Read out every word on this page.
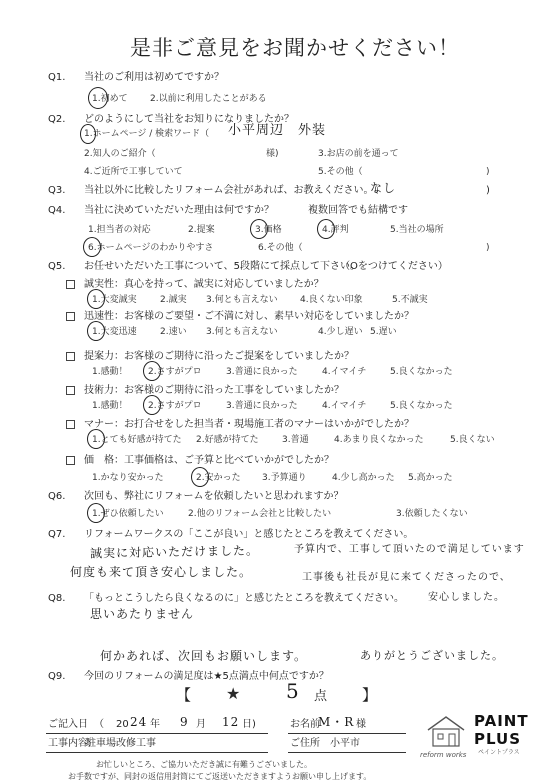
是非ご意見をお聞かせください！
Q1. 当社のご利用は初めてですか？
1.初めて 2.以前に利用したことがある
Q2. どのようにして当社をお知りになりましたか？
1.ホームページ / 検索ワード（ 小平周辺　外装
2.知人のご紹介（	様)	3.お店の前を通って
4.ご近所で工事していて	5.その他（	)
Q3. 当社以外に比較したリフォーム会社があれば、お教えください。（
なし	)
Q4. 当社に決めていただいた理由は何ですか？	複数回答でも結構です
1.担当者の対応	2.提案	3.価格	4.評判	5.当社の場所
6.ホームページのわかりやすさ	6.その他（	)
Q5. お任せいただいた工事について、5段階にて採点して下さい。
（Oをつけてください）
誠実性：真心を持って、誠実に対応していましたか？
1.大変誠実	2.誠実 3.何とも言えない 4.良くない印象	5.不誠実
迅速性：お客様のご要望・ご不満に対し、素早い対応をしていましたか？
1.大変迅速	2.速い 3.何とも言えない	4.少し遅い 5.遅い
提案力：お客様のご期待に沿ったご提案をしていましたか？
1.感動！ 2.さすがプロ	3.普通に良かった	4.イマイチ	5.良くなかった
技術力：お客様のご期待に沿った工事をしていましたか？
1.感動！ 2.さすがプロ	3.普通に良かった	4.イマイチ	5.良くなかった
マナー：お打合せをした担当者・現場施工者のマナーはいかがでしたか？
1.とても好感が持てた 2.好感が持てた	3.普通	4.あまり良くなかった	5.良くない
価　格：工事価格は、ご予算と比べていかがでしたか？
1.かなり安かった	2.安かった 3.予算通り	4.少し高かった 5.高かった
Q6. 次回も、弊社にリフォームを依頼したいと思われますか？
1.ぜひ依頼したい	2.他のリフォーム会社と比較したい	3.依頼したくない
Q7. リフォームワークスの「ここが良い」と感じたところを教えてください。
誠実に対応いただけました。	予算内で、工事して頂いたので満足しています
何度も来て頂き安心しました。	工事後も社長が見に来てくださったので、
安心しました。
Q8. 「もっとこうしたら良くなるのに」と感じたところを教えてください。
思いあたりません
何かあれば、次回もお願いします。	ありがとうございました。
Q9. 今回のリフォームの満足度は★5点満点中何点ですか？
【 ★ 5 点 】
ご記入日 （ 20 24 年 9 月 12 日)	お名前
M・R 様
工事内容:
駐車場改修工事	ご住所 小平市
お忙しいところ、ご協力いただき誠に有難うございました。
お手数ですが、同封の返信用封筒にてご返送いただきますようお願い申し上げます。
reform works
PAINT
PLUS
ペイントプラス
